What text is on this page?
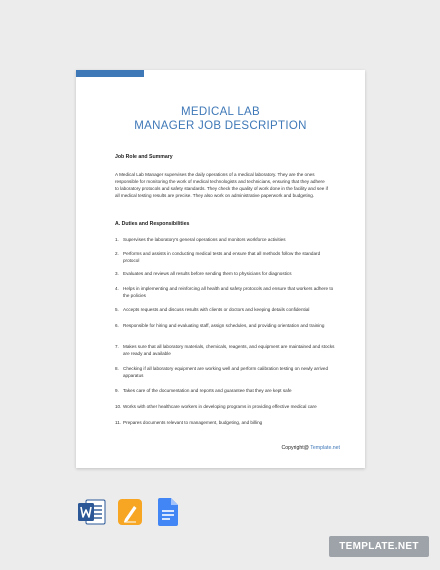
MEDICAL LAB
MANAGER JOB DESCRIPTION
Job Role and Summary
A Medical Lab Manager supervises the daily operations of a medical laboratory. They are the ones responsible for monitoring the work of medical technologists and technicians, ensuring that they adhere to laboratory protocols and safety standards. They check the quality of work done in the facility and see if all medical testing results are precise. They also work on administrative paperwork and budgeting.
A. Duties and Responsibilities
1. Supervises the laboratory's general operations and monitors workforce activities
2. Performs and assists in conducting medical tests and ensure that all methods follow the standard protocol
3. Evaluates and reviews all results before sending them to physicians for diagnostics
4. Helps in implementing and reinforcing all health and safety protocols and ensure that workers adhere to the policies
5. Accepts requests and discuss results with clients or doctors and keeping details confidential
6. Responsible for hiring and evaluating staff, assign schedules, and providing orientation and training
7. Makes sure that all laboratory materials, chemicals, reagents, and equipment are maintained and stocks are ready and available
8. Checking if all laboratory equipment are working well and perform calibration testing on newly arrived apparatus
9. Takes care of the documentation and reports and guarantee that they are kept safe
10. Works with other healthcare workers in developing programs in providing effective medical care
11. Prepares documents relevant to management, budgeting, and billing
Copyright@ Template.net
TEMPLATE.NET
